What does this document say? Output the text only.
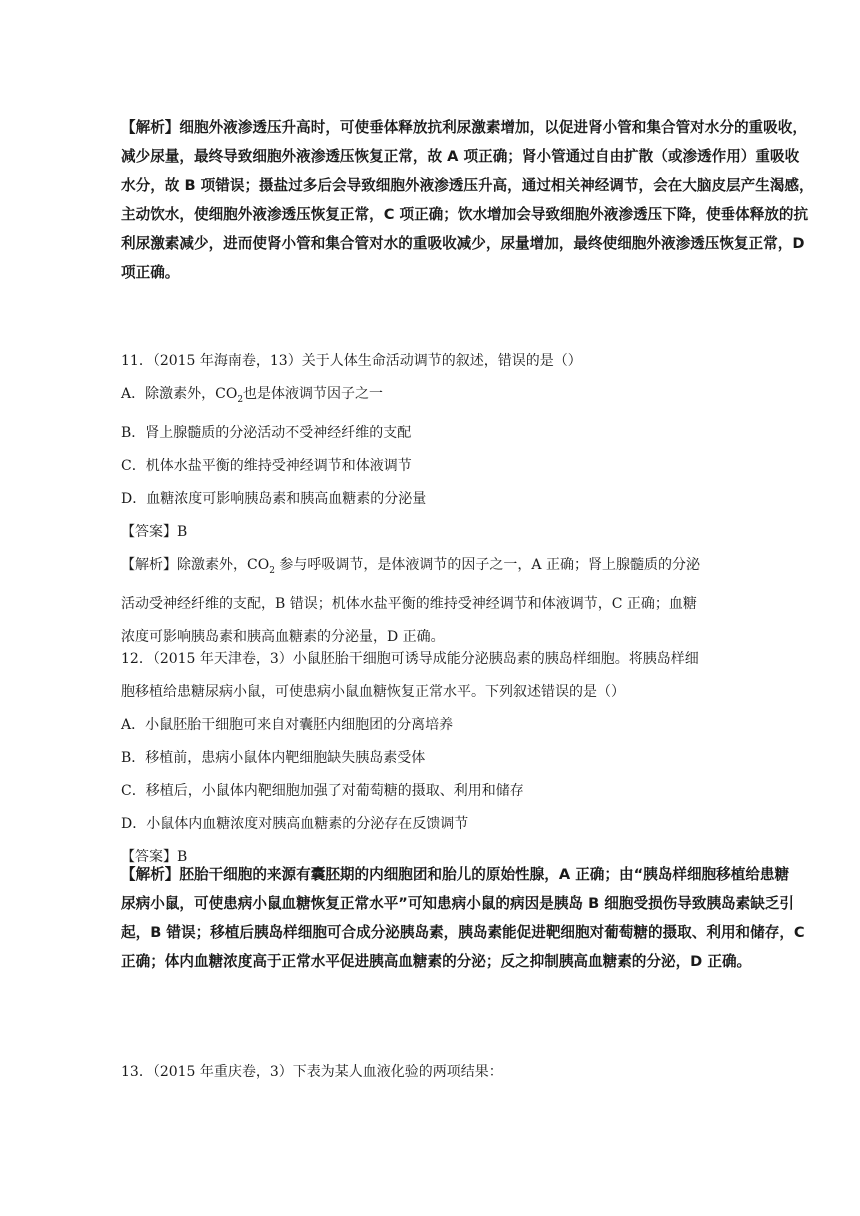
【解析】细胞外液渗透压升高时，可使垂体释放抗利尿激素增加，以促进肾小管和集合管对水分的重吸收，
减少尿量，最终导致细胞外液渗透压恢复正常，故 A 项正确；肾小管通过自由扩散（或渗透作用）重吸收
水分，故 B 项错误；摄盐过多后会导致细胞外液渗透压升高，通过相关神经调节，会在大脑皮层产生渴感，
主动饮水，使细胞外液渗透压恢复正常，C 项正确；饮水增加会导致细胞外液渗透压下降，使垂体释放的抗
利尿激素减少，进而使肾小管和集合管对水的重吸收减少，尿量增加，最终使细胞外液渗透压恢复正常，D
项正确。
11．（2015 年海南卷，13）关于人体生命活动调节的叙述，错误的是（）
A．除激素外，$CO_2$也是体液调节因子之一
B．肾上腺髓质的分泌活动不受神经纤维的支配
C．机体水盐平衡的维持受神经调节和体液调节
D．血糖浓度可影响胰岛素和胰高血糖素的分泌量
【答案】B
【解析】除激素外，$CO_2$ 参与呼吸调节，是体液调节的因子之一，A 正确；肾上腺髓质的分泌
活动受神经纤维的支配，B 错误；机体水盐平衡的维持受神经调节和体液调节，C 正确；血糖
浓度可影响胰岛素和胰高血糖素的分泌量，D 正确。
12．（2015 年天津卷，3）小鼠胚胎干细胞可诱导成能分泌胰岛素的胰岛样细胞。将胰岛样细
胞移植给患糖尿病小鼠，可使患病小鼠血糖恢复正常水平。下列叙述错误的是（）
A．小鼠胚胎干细胞可来自对囊胚内细胞团的分离培养
B．移植前，患病小鼠体内靶细胞缺失胰岛素受体
C．移植后，小鼠体内靶细胞加强了对葡萄糖的摄取、利用和储存
D．小鼠体内血糖浓度对胰高血糖素的分泌存在反馈调节
【答案】B
【解析】胚胎干细胞的来源有囊胚期的内细胞团和胎儿的原始性腺，A 正确；由“胰岛样细胞移植给患糖
尿病小鼠，可使患病小鼠血糖恢复正常水平”可知患病小鼠的病因是胰岛 B 细胞受损伤导致胰岛素缺乏引
起，B 错误；移植后胰岛样细胞可合成分泌胰岛素，胰岛素能促进靶细胞对葡萄糖的摄取、利用和储存，C
正确；体内血糖浓度高于正常水平促进胰高血糖素的分泌；反之抑制胰高血糖素的分泌，D 正确。
13．（2015 年重庆卷，3）下表为某人血液化验的两项结果：
